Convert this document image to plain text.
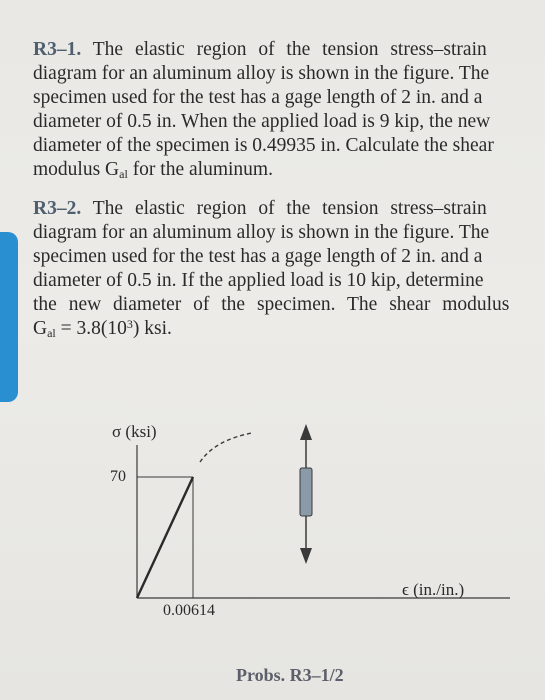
R3–1. The elastic region of the tension stress–strain
diagram for an aluminum alloy is shown in the figure. The
specimen used for the test has a gage length of 2 in. and a
diameter of 0.5 in. When the applied load is 9 kip, the new
diameter of the specimen is 0.49935 in. Calculate the shear
modulus $G_{al}$ for the aluminum.
R3–2. The elastic region of the tension stress–strain
diagram for an aluminum alloy is shown in the figure. The
specimen used for the test has a gage length of 2 in. and a
diameter of 0.5 in. If the applied load is 10 kip, determine
the new diameter of the specimen. The shear modulus
$G_{al} = 3.8(10^3)$ ksi.
σ (ksi)
70
0.00614
ϵ (in./in.)
Probs. R3–1/2
